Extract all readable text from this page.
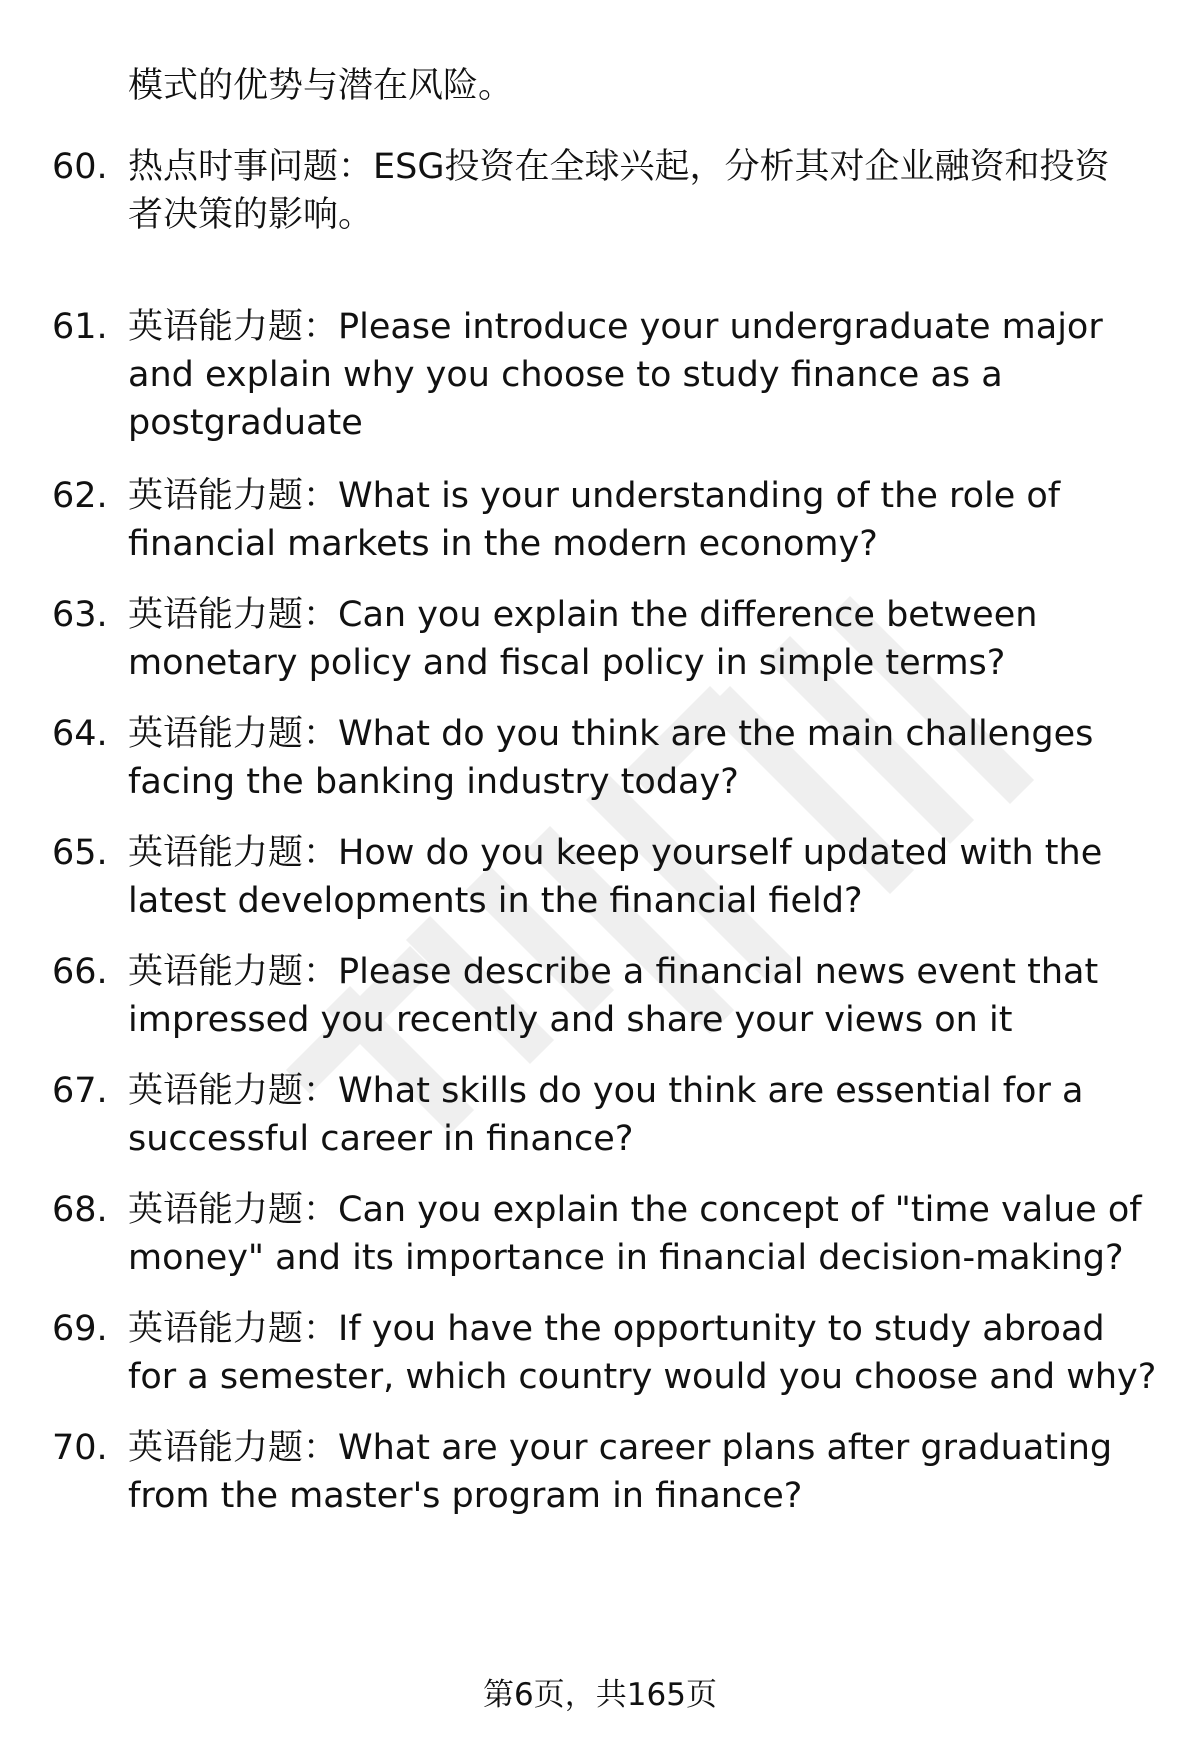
模式的优势与潜在风险。
60. 热点时事问题：ESG投资在全球兴起，分析其对企业融资和投资
者决策的影响。
61. 英语能力题：Please introduce your undergraduate major
and explain why you choose to study finance as a
postgraduate
62. 英语能力题：What is your understanding of the role of
financial markets in the modern economy?
63. 英语能力题：Can you explain the difference between
monetary policy and fiscal policy in simple terms?
64. 英语能力题：What do you think are the main challenges
facing the banking industry today?
65. 英语能力题：How do you keep yourself updated with the
latest developments in the financial field?
66. 英语能力题：Please describe a financial news event that
impressed you recently and share your views on it
67. 英语能力题：What skills do you think are essential for a
successful career in finance?
68. 英语能力题：Can you explain the concept of "time value of
money" and its importance in financial decision-making?
69. 英语能力题：If you have the opportunity to study abroad
for a semester, which country would you choose and why?
70. 英语能力题：What are your career plans after graduating
from the master's program in finance?
第6页，共165页
